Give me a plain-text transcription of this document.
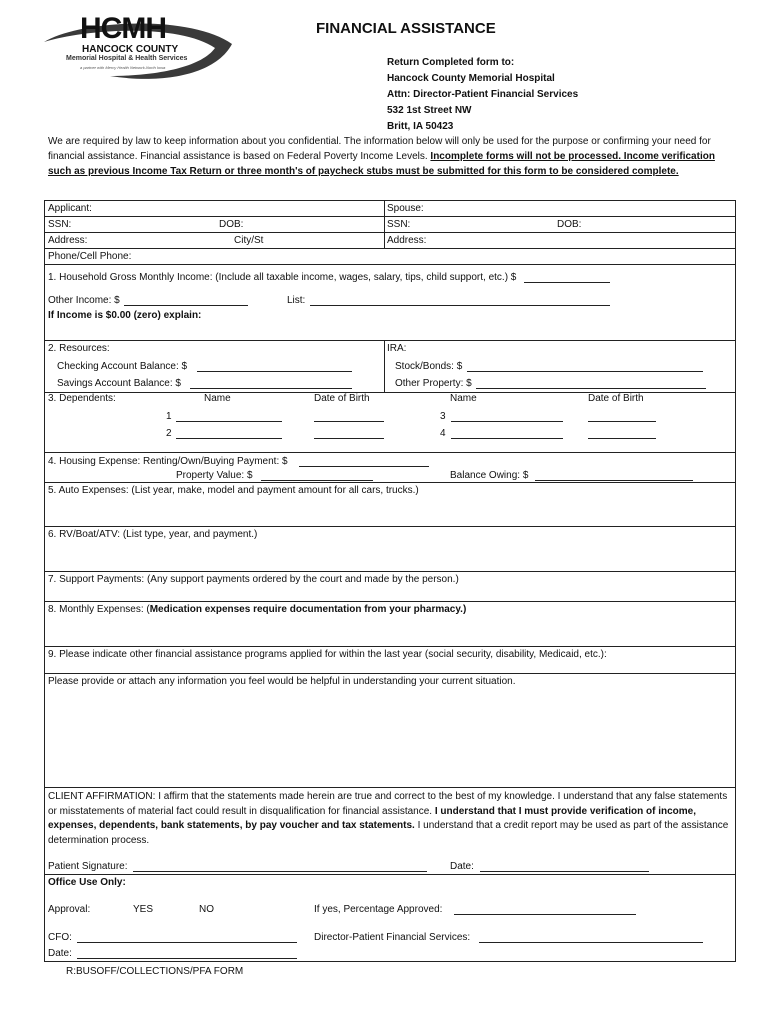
HCMH
HANCOCK COUNTY
Memorial Hospital & Health Services
a partner with Mercy Health Network-North Iowa
FINANCIAL ASSISTANCE
Return Completed form to:
Hancock County Memorial Hospital
Attn: Director-Patient Financial Services
532 1st Street NW
Britt, IA 50423
We are required by law to keep information about you confidential. The information below will only be used for the purpose or confirming your need for financial assistance. Financial assistance is based on Federal Poverty Income Levels. Incomplete forms will not be processed. Income verification such as previous Income Tax Return or three month's of paycheck stubs must be submitted for this form to be considered complete.
Applicant:	Spouse:
SSN:	DOB:	SSN:	DOB:
Address:	City/St	Address:
Phone/Cell Phone:
1. Household Gross Monthly Income: (Include all taxable income, wages, salary, tips, child support, etc.) $
Other Income: $	List:
If Income is $0.00 (zero) explain:
2. Resources:	IRA:
Checking Account Balance: $	Stock/Bonds: $
Savings Account Balance: $	Other Property: $
3. Dependents:	Name	Date of Birth	Name	Date of Birth
1	3
2	4
4. Housing Expense: Renting/Own/Buying Payment: $
Property Value: $	Balance Owing: $
5. Auto Expenses: (List year, make, model and payment amount for all cars, trucks.)
6. RV/Boat/ATV: (List type, year, and payment.)
7. Support Payments: (Any support payments ordered by the court and made by the person.)
8. Monthly Expenses: (Medication expenses require documentation from your pharmacy.)
9. Please indicate other financial assistance programs applied for within the last year (social security, disability, Medicaid, etc.):
Please provide or attach any information you feel would be helpful in understanding your current situation.
CLIENT AFFIRMATION: I affirm that the statements made herein are true and correct to the best of my knowledge. I understand that any false statements or misstatements of material fact could result in disqualification for financial assistance. I understand that I must provide verification of income, expenses, dependents, bank statements, by pay voucher and tax statements. I understand that a credit report may be used as part of the assistance determination process.
Patient Signature:	Date:
Office Use Only:
Approval:	YES	NO	If yes, Percentage Approved:
CFO:	Director-Patient Financial Services:
Date:
R:BUSOFF/COLLECTIONS/PFA FORM
